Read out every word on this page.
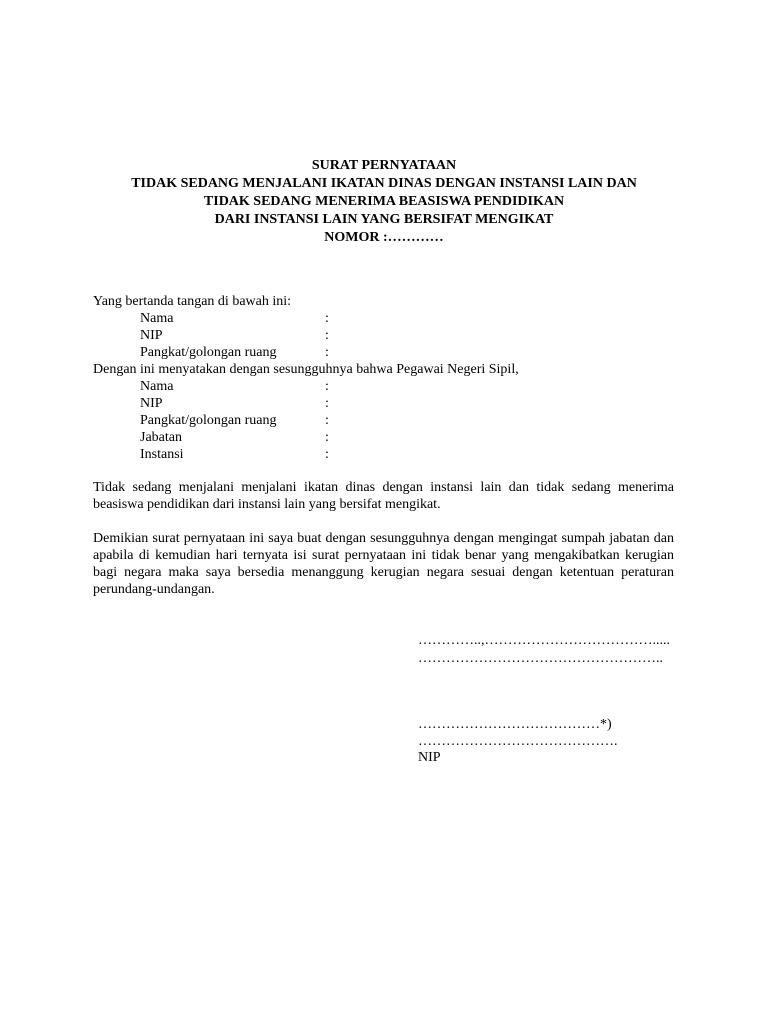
SURAT PERNYATAAN
TIDAK SEDANG MENJALANI IKATAN DINAS DENGAN INSTANSI LAIN DAN
TIDAK SEDANG MENERIMA BEASISWA PENDIDIKAN
DARI INSTANSI LAIN YANG BERSIFAT MENGIKAT
NOMOR :…………
Yang bertanda tangan di bawah ini:
Nama	:
NIP	:
Pangkat/golongan ruang	:
Dengan ini menyatakan dengan sesungguhnya bahwa Pegawai Negeri Sipil,
Nama	:
NIP	:
Pangkat/golongan ruang	:
Jabatan	:
Instansi	:
Tidak sedang menjalani menjalani ikatan dinas dengan instansi lain dan tidak sedang menerima beasiswa pendidikan dari instansi lain yang bersifat mengikat.
Demikian surat pernyataan ini saya buat dengan sesungguhnya dengan mengingat sumpah jabatan dan apabila di kemudian hari ternyata isi surat pernyataan ini tidak benar yang mengakibatkan kerugian bagi negara maka saya bersedia menanggung kerugian negara sesuai dengan ketentuan peraturan perundang-undangan.
…………..,……………………………….....
……………………………………………..
…………………………………*)
…………………………………….
NIP
